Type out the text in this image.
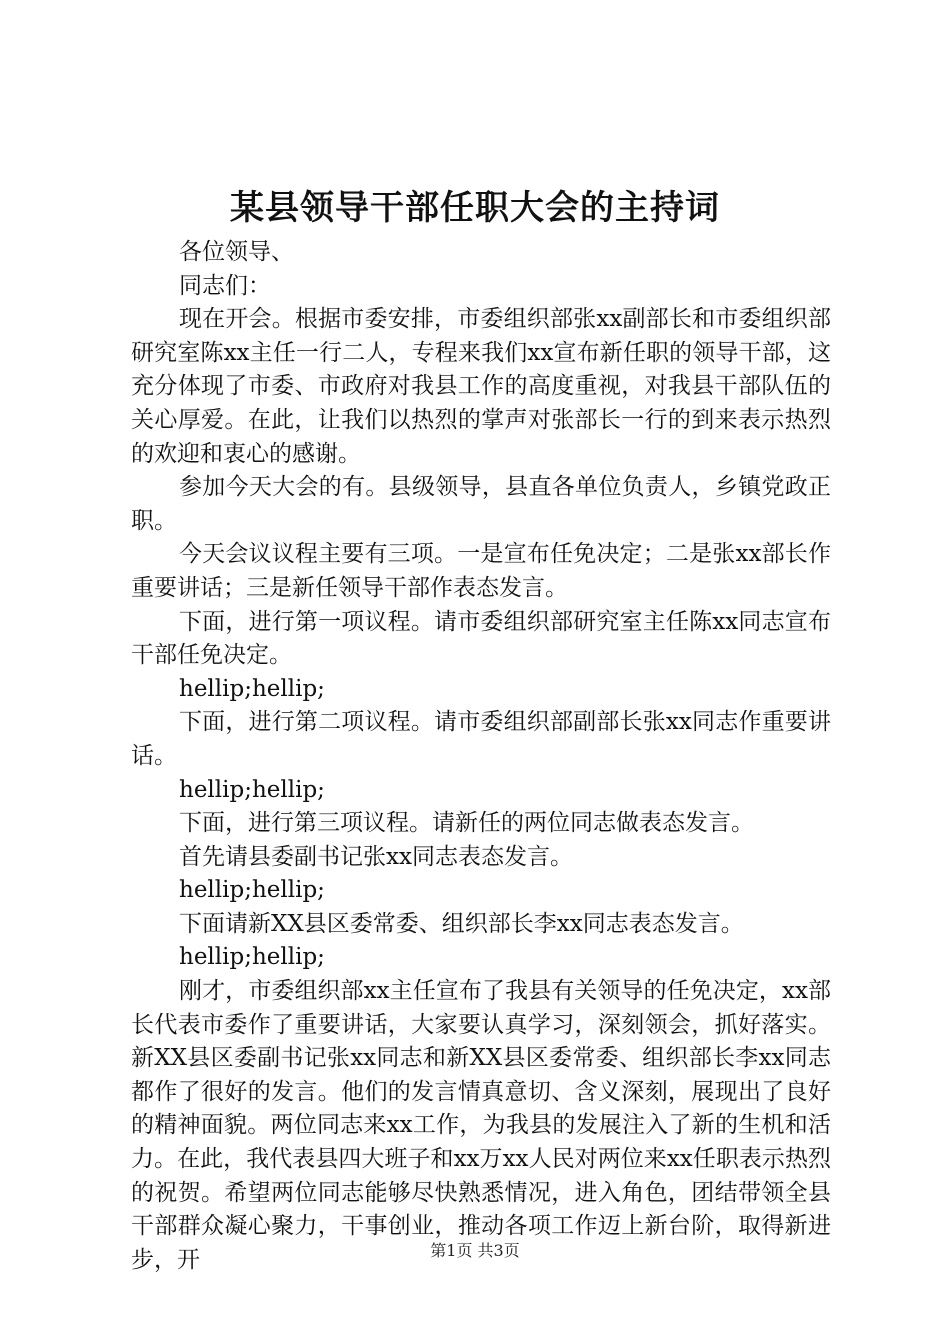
某县领导干部任职大会的主持词

各位领导、

同志们：

现在开会。根据市委安排，市委组织部张xx副部长和市委组织部研究室陈xx主任一行二人，专程来我们xx宣布新任职的领导干部，这充分体现了市委、市政府对我县工作的高度重视，对我县干部队伍的关心厚爱。在此，让我们以热烈的掌声对张部长一行的到来表示热烈的欢迎和衷心的感谢。

参加今天大会的有。县级领导，县直各单位负责人，乡镇党政正职。

今天会议议程主要有三项。一是宣布任免决定；二是张xx部长作重要讲话；三是新任领导干部作表态发言。

下面，进行第一项议程。请市委组织部研究室主任陈xx同志宣布干部任免决定。

hellip;hellip;

下面，进行第二项议程。请市委组织部副部长张xx同志作重要讲话。

hellip;hellip;

下面，进行第三项议程。请新任的两位同志做表态发言。

首先请县委副书记张xx同志表态发言。

hellip;hellip;

下面请新XX县区委常委、组织部长李xx同志表态发言。

hellip;hellip;

刚才，市委组织部xx主任宣布了我县有关领导的任免决定，xx部长代表市委作了重要讲话，大家要认真学习，深刻领会，抓好落实。新XX县区委副书记张xx同志和新XX县区委常委、组织部长李xx同志都作了很好的发言。他们的发言情真意切、含义深刻，展现出了良好的精神面貌。两位同志来xx工作，为我县的发展注入了新的生机和活力。在此，我代表县四大班子和xx万xx人民对两位来xx任职表示热烈的祝贺。希望两位同志能够尽快熟悉情况，进入角色，团结带领全县干部群众凝心聚力，干事创业，推动各项工作迈上新台阶，取得新进步，开	第1页 共3页
